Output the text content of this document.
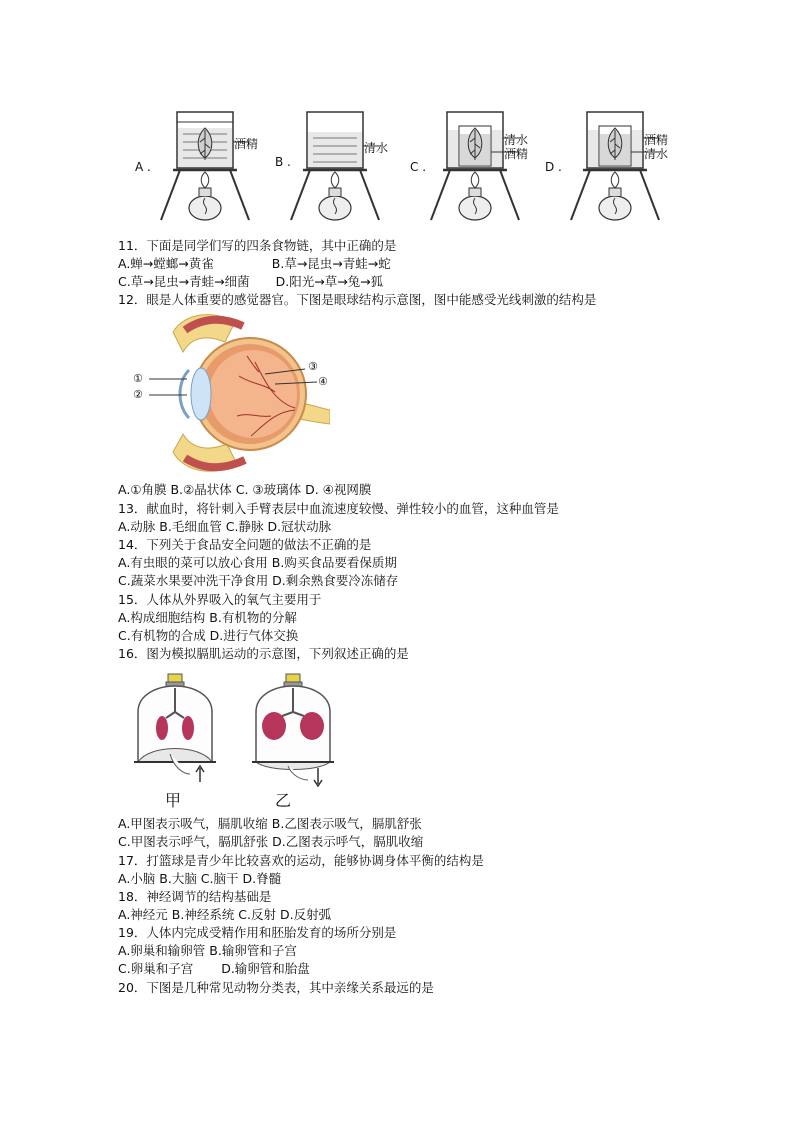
A .	B .	C .	D .
酒精	清水
清水
酒精
酒精
清水
11．下面是同学们写的四条食物链，其中正确的是
A.蝉→螳螂→黄雀	B.草→昆虫→青蛙→蛇
C.草→昆虫→青蛙→细菌 D.阳光→草→兔→狐
12．眼是人体重要的感觉器官。下图是眼球结构示意图，图中能感受光线刺激的结构是
①
②
③
④
A.①角膜 B.②晶状体 C. ③玻璃体 D. ④视网膜
13．献血时，将针刺入手臂表层中血流速度较慢、弹性较小的血管，这种血管是
A.动脉 B.毛细血管 C.静脉 D.冠状动脉
14．下列关于食品安全问题的做法不正确的是
A.有虫眼的菜可以放心食用 B.购买食品要看保质期
C.蔬菜水果要冲洗干净食用 D.剩余熟食要冷冻储存
15．人体从外界吸入的氧气主要用于
A.构成细胞结构 B.有机物的分解
C.有机物的合成 D.进行气体交换
16．图为模拟膈肌运动的示意图，下列叙述正确的是
甲	乙
A.甲图表示吸气，膈肌收缩 B.乙图表示吸气，膈肌舒张
C.甲图表示呼气，膈肌舒张 D.乙图表示呼气，膈肌收缩
17．打篮球是青少年比较喜欢的运动，能够协调身体平衡的结构是
A.小脑 B.大脑 C.脑干 D.脊髓
18．神经调节的结构基础是
A.神经元 B.神经系统 C.反射 D.反射弧
19．人体内完成受精作用和胚胎发育的场所分别是
A.卵巢和输卵管 B.输卵管和子宫
C.卵巢和子宫 D.输卵管和胎盘
20．下图是几种常见动物分类表，其中亲缘关系最远的是
